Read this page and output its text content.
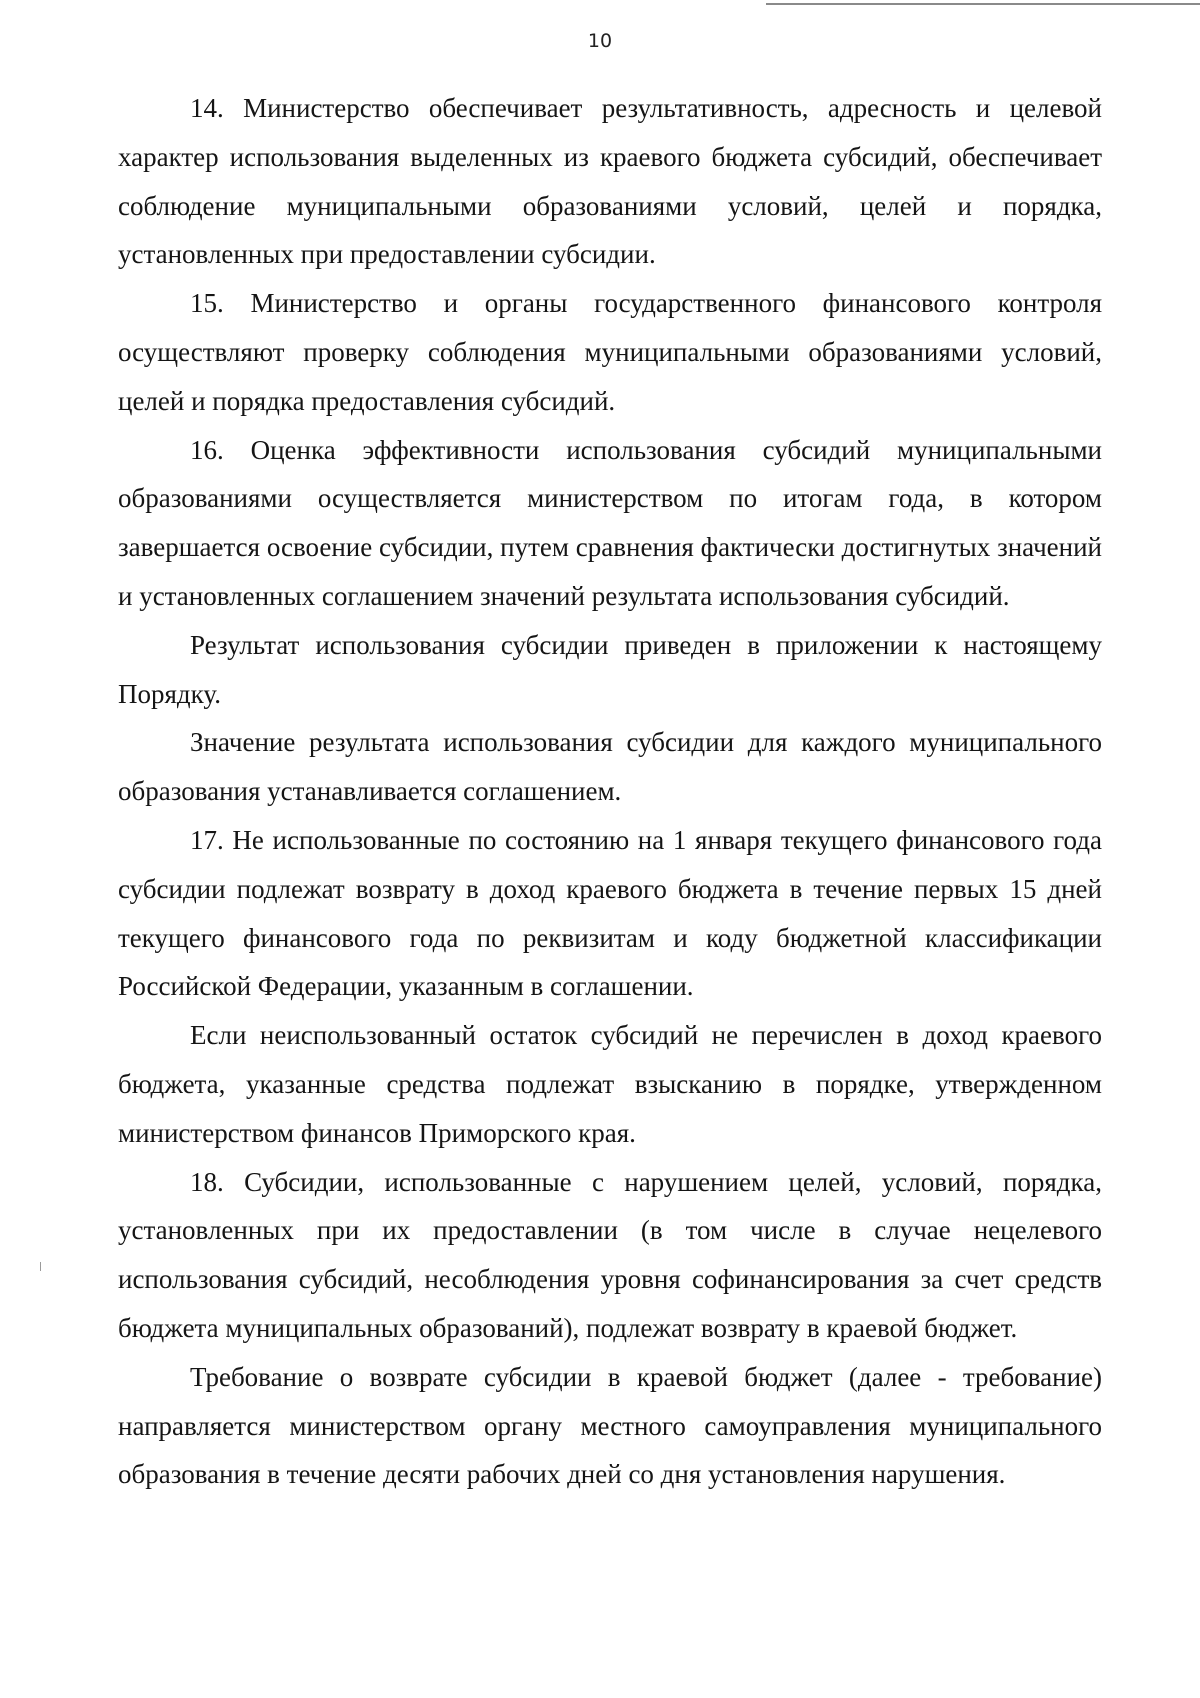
10

14. Министерство обеспечивает результативность, адресность и целевой характер использования выделенных из краевого бюджета субсидий, обеспечивает соблюдение муниципальными образованиями условий, целей и порядка, установленных при предоставлении субсидии.

15. Министерство и органы государственного финансового контроля осуществляют проверку соблюдения муниципальными образованиями условий, целей и порядка предоставления субсидий.

16. Оценка эффективности использования субсидий муниципальными образованиями осуществляется министерством по итогам года, в котором завершается освоение субсидии, путем сравнения фактически достигнутых значений и установленных соглашением значений результата использования субсидий.

Результат использования субсидии приведен в приложении к настоящему Порядку.

Значение результата использования субсидии для каждого муниципального образования устанавливается соглашением.

17. Не использованные по состоянию на 1 января текущего финансового года субсидии подлежат возврату в доход краевого бюджета в течение первых 15 дней текущего финансового года по реквизитам и коду бюджетной классификации Российской Федерации, указанным в соглашении.

Если неиспользованный остаток субсидий не перечислен в доход краевого бюджета, указанные средства подлежат взысканию в порядке, утвержденном министерством финансов Приморского края.

18. Субсидии, использованные с нарушением целей, условий, порядка, установленных при их предоставлении (в том числе в случае нецелевого использования субсидий, несоблюдения уровня софинансирования за счет средств бюджета муниципальных образований), подлежат возврату в краевой бюджет.

Требование о возврате субсидии в краевой бюджет (далее - требование) направляется министерством органу местного самоуправления муниципального образования в течение десяти рабочих дней со дня установления нарушения.
